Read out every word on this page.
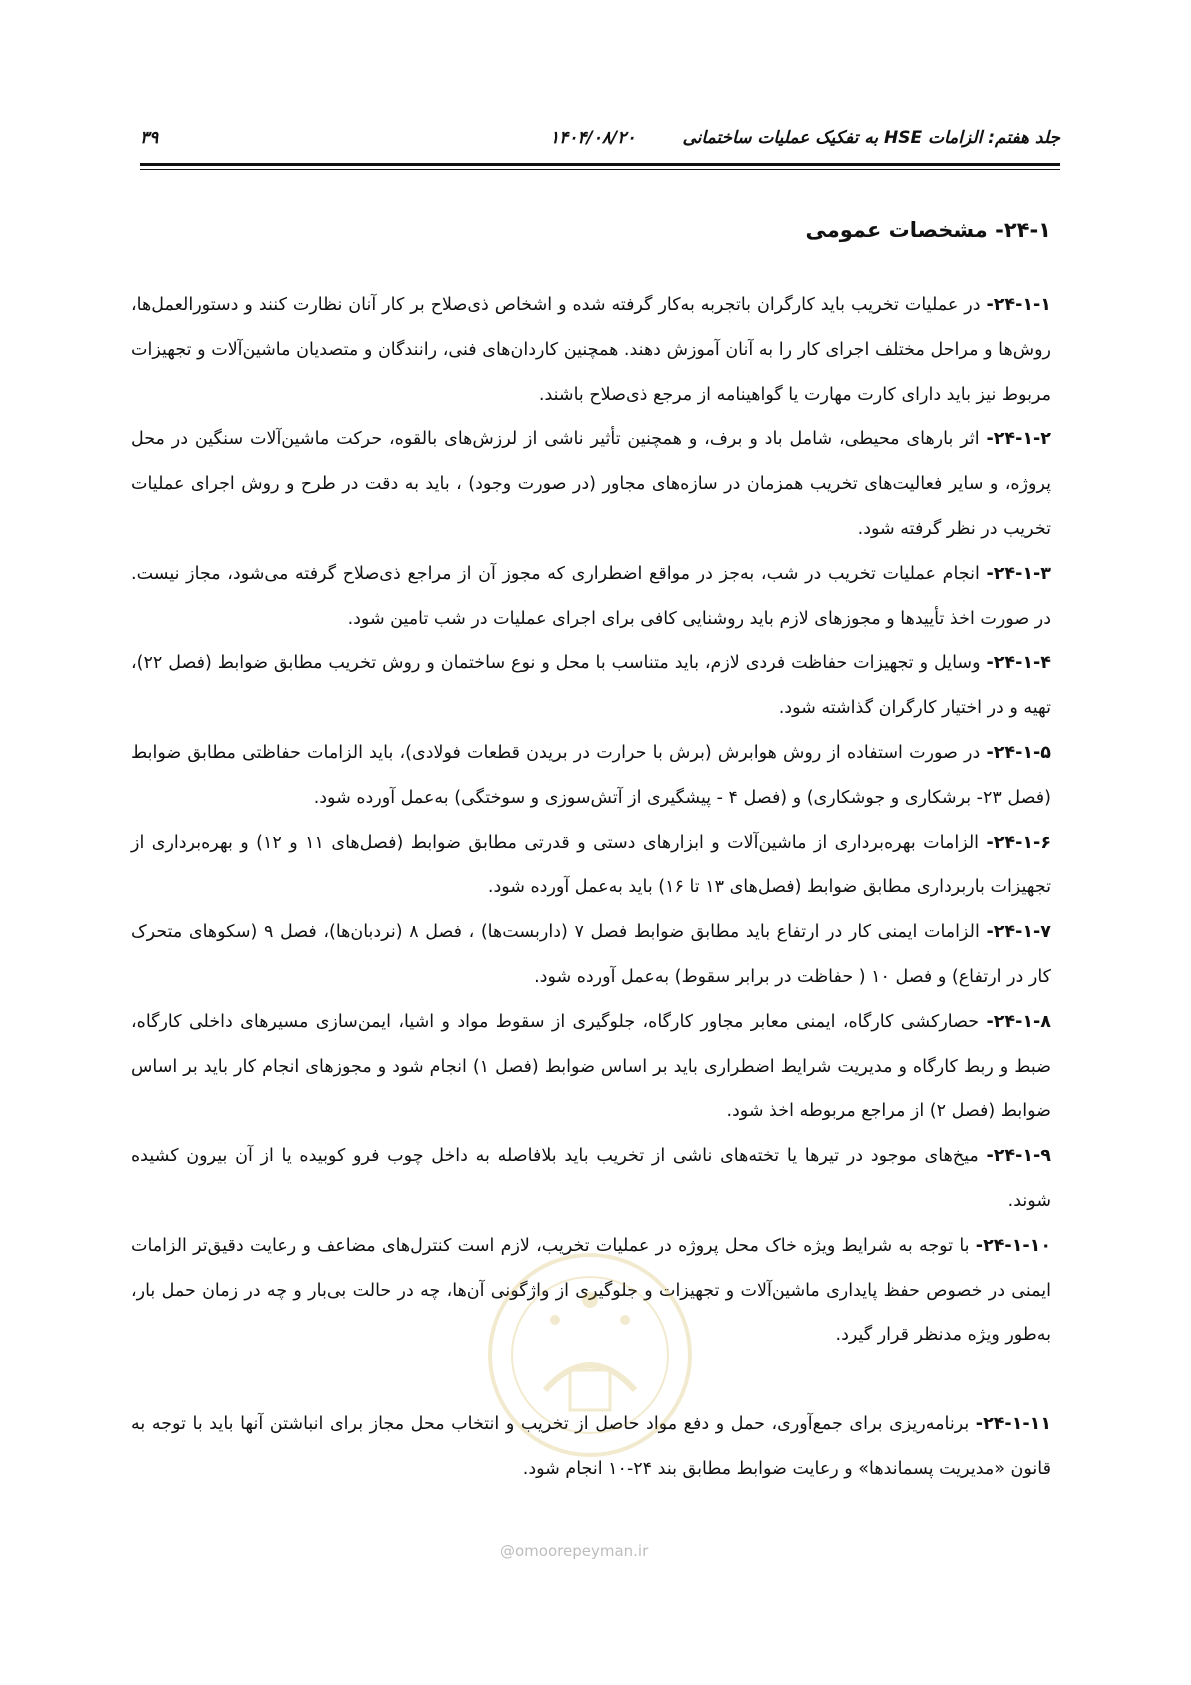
جلد هفتم: الزامات HSE به تفکیک عملیات ساختمانی
۱۴۰۴/۰۸/۲۰
۳۹
۲۴-۱- مشخصات عمومی

۲۴-۱-۱- در عملیات تخریب باید کارگران باتجربه به‌کار گرفته شده و اشخاص ذی‌صلاح بر کار آنان نظارت کنند و دستورالعمل‌ها، روش‌ها و مراحل مختلف اجرای کار را به آنان آموزش دهند. همچنین کاردان‌های فنی، رانندگان و متصدیان ماشین‌آلات و تجهیزات مربوط نیز باید دارای کارت مهارت یا گواهینامه از مرجع ذی‌صلاح باشند.

۲۴-۱-۲- اثر بارهای محیطی، شامل باد و برف، و همچنین تأثیر ناشی از لرزش‌های بالقوه، حرکت ماشین‌آلات سنگین در محل پروژه، و سایر فعالیت‌های تخریب همزمان در سازه‌های مجاور (در صورت وجود) ، باید به دقت در طرح و روش اجرای عملیات تخریب در نظر گرفته شود.

۲۴-۱-۳- انجام عملیات تخریب در شب، به‌جز در مواقع اضطراری که مجوز آن از مراجع ذی‌صلاح گرفته می‌شود، مجاز نیست. در صورت اخذ تأییدها و مجوزهای لازم باید روشنایی کافی برای اجرای عملیات در شب تامین شود.

۲۴-۱-۴- وسایل و تجهیزات حفاظت فردی لازم، باید متناسب با محل و نوع ساختمان و روش تخریب مطابق ضوابط (فصل ۲۲)، تهیه و در اختیار کارگران گذاشته شود.

۲۴-۱-۵- در صورت استفاده از روش هوابرش (برش با حرارت در بریدن قطعات فولادی)، باید الزامات حفاظتی مطابق ضوابط (فصل ۲۳- برشکاری و جوشکاری) و (فصل ۴ - پیشگیری از آتش‌سوزی و سوختگی) به‌عمل آورده شود.

۲۴-۱-۶- الزامات بهره‌برداری از ماشین‌آلات و ابزارهای دستی و قدرتی مطابق ضوابط (فصل‌های ۱۱ و ۱۲) و بهره‌برداری از تجهیزات باربرداری مطابق ضوابط (فصل‌های ۱۳ تا ۱۶) باید به‌عمل آورده شود.

۲۴-۱-۷- الزامات ایمنی کار در ارتفاع باید مطابق ضوابط فصل ۷ (داربست‌ها) ، فصل ۸ (نردبان‌ها)، فصل ۹ (سکوهای متحرک کار در ارتفاع) و فصل ۱۰ ( حفاظت در برابر سقوط) به‌عمل آورده شود.

۲۴-۱-۸- حصارکشی کارگاه، ایمنی معابر مجاور کارگاه، جلوگیری از سقوط مواد و اشیا، ایمن‌سازی مسیرهای داخلی کارگاه، ضبط و ربط کارگاه و مدیریت شرایط اضطراری باید بر اساس ضوابط (فصل ۱) انجام شود و مجوزهای انجام کار باید بر اساس ضوابط (فصل ۲) از مراجع مربوطه اخذ شود.

۲۴-۱-۹- میخ‌های موجود در تیرها یا تخته‌های ناشی از تخریب باید بلافاصله به داخل چوب فرو کوبیده یا از آن بیرون کشیده شوند.

۲۴-۱-۱۰- با توجه به شرایط ویژه خاک محل پروژه در عملیات تخریب، لازم است کنترل‌های مضاعف و رعایت دقیق‌تر الزامات ایمنی در خصوص حفظ پایداری ماشین‌آلات و تجهیزات و جلوگیری از واژگونی آن‌ها، چه در حالت بی‌بار و چه در زمان حمل بار، به‌طور ویژه مدنظر قرار گیرد.

۲۴-۱-۱۱- برنامه‌ریزی برای جمع‌آوری، حمل و دفع مواد حاصل از تخریب و انتخاب محل مجاز برای انباشتن آنها باید با توجه به قانون «مدیریت پسماندها» و رعایت ضوابط مطابق بند ۲۴-۱۰ انجام شود.

@omoorepeyman.ir
